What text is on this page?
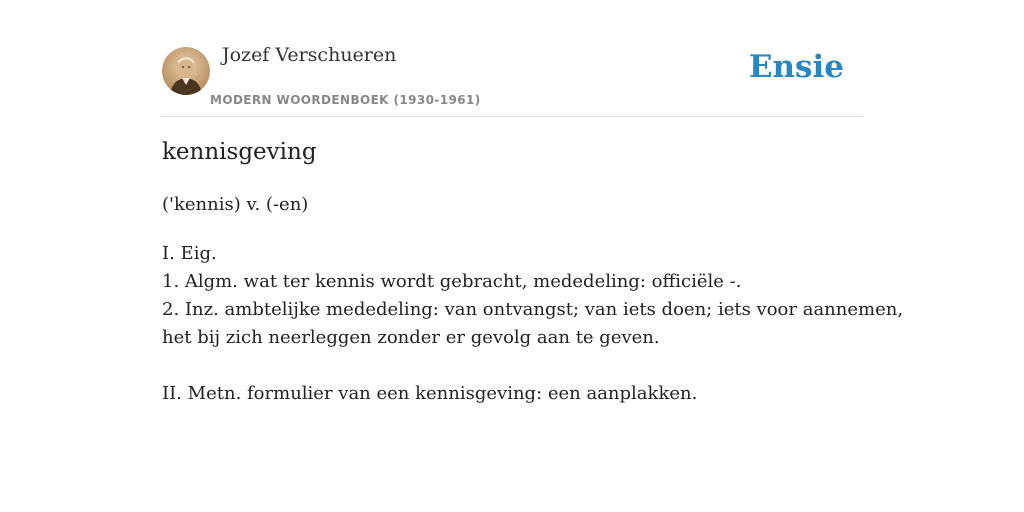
Jozef Verschueren
MODERN WOORDENBOEK (1930-1961)
Ensie
kennisgeving
('kennis) v. (-en)
I. Eig.
1. Algm. wat ter kennis wordt gebracht, mededeling: officiële -.
2. Inz. ambtelijke mededeling: van ontvangst; van iets doen; iets voor aannemen,
het bij zich neerleggen zonder er gevolg aan te geven.
II. Metn. formulier van een kennisgeving: een aanplakken.
